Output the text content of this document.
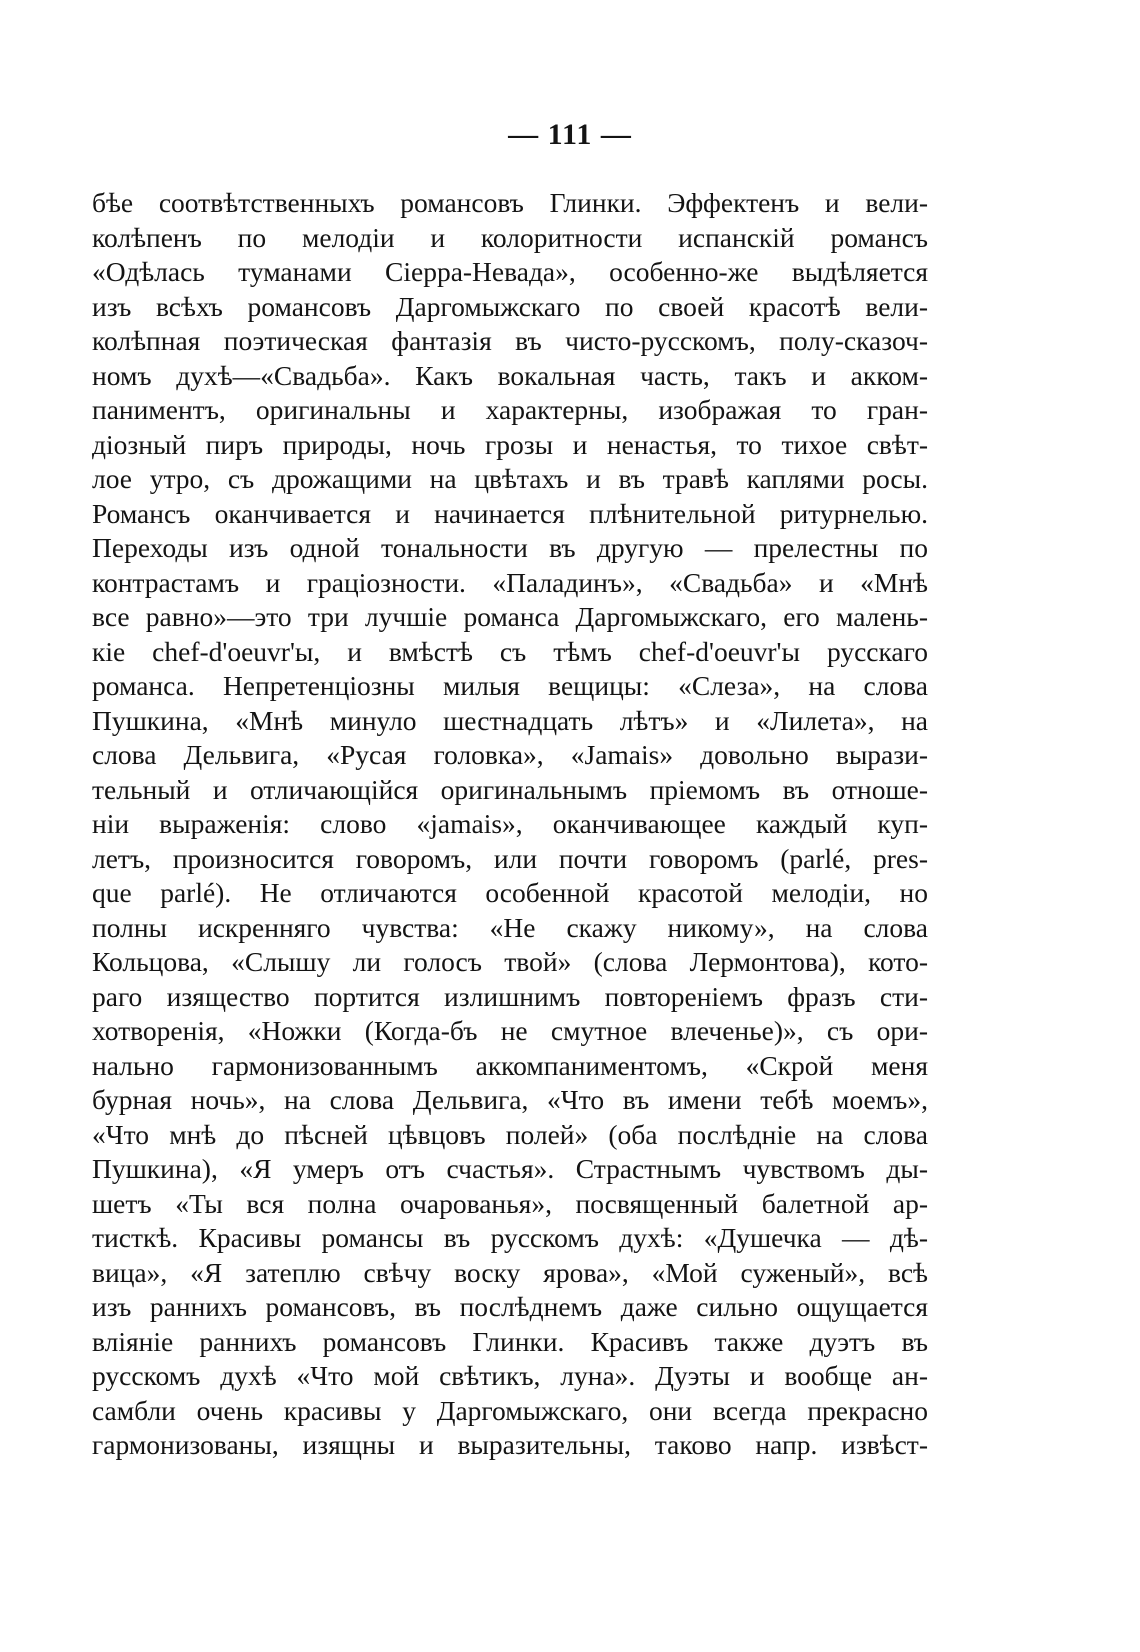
— 111 —
бѣе соотвѣтственныхъ романсовъ Глинки. Эффектенъ и вели-
колѣпенъ по мелодіи и колоритности испанскій романсъ
«Одѣлась туманами Сіерра-Невада», особенно-же выдѣляется
изъ всѣхъ романсовъ Даргомыжскаго по своей красотѣ вели-
колѣпная поэтическая фантазія въ чисто-русскомъ, полу-сказоч-
номъ духѣ—«Свадьба». Какъ вокальная часть, такъ и акком-
паниментъ, оригинальны и характерны, изображая то гран-
діозный пиръ природы, ночь грозы и ненастья, то тихое свѣт-
лое утро, съ дрожащими на цвѣтахъ и въ травѣ каплями росы.
Романсъ оканчивается и начинается плѣнительной ритурнелью.
Переходы изъ одной тональности въ другую — прелестны по
контрастамъ и граціозности. «Паладинъ», «Свадьба» и «Мнѣ
все равно»—это три лучшіе романса Даргомыжскаго, его малень-
кіе chef-d'oeuvr'ы, и вмѣстѣ съ тѣмъ chef-d'oeuvr'ы русскаго
романса. Непретенціозны милыя вещицы: «Слеза», на слова
Пушкина, «Мнѣ минуло шестнадцать лѣтъ» и «Лилета», на
слова Дельвига, «Русая головка», «Jamais» довольно вырази-
тельный и отличающійся оригинальнымъ пріемомъ въ отноше-
ніи выраженія: слово «jamais», оканчивающее каждый куп-
летъ, произносится говоромъ, или почти говоромъ (parlé, pres-
que parlé). Не отличаются особенной красотой мелодіи, но
полны искренняго чувства: «Не скажу никому», на слова
Кольцова, «Слышу ли голосъ твой» (слова Лермонтова), кото-
раго изящество портится излишнимъ повтореніемъ фразъ сти-
хотворенія, «Ножки (Когда-бъ не смутное влеченье)», съ ори-
нально гармонизованнымъ аккомпаниментомъ, «Скрой меня
бурная ночь», на слова Дельвига, «Что въ имени тебѣ моемъ»,
«Что мнѣ до пѣсней цѣвцовъ полей» (оба послѣдніе на слова
Пушкина), «Я умеръ отъ счастья». Страстнымъ чувствомъ ды-
шетъ «Ты вся полна очарованья», посвященный балетной ар-
тисткѣ. Красивы романсы въ русскомъ духѣ: «Душечка — дѣ-
вица», «Я затеплю свѣчу воску ярова», «Мой суженый», всѣ
изъ раннихъ романсовъ, въ послѣднемъ даже сильно ощущается
вліяніе раннихъ романсовъ Глинки. Красивъ также дуэтъ въ
русскомъ духѣ «Что мой свѣтикъ, луна». Дуэты и вообще ан-
самбли очень красивы у Даргомыжскаго, они всегда прекрасно
гармонизованы, изящны и выразительны, таково напр. извѣст-
